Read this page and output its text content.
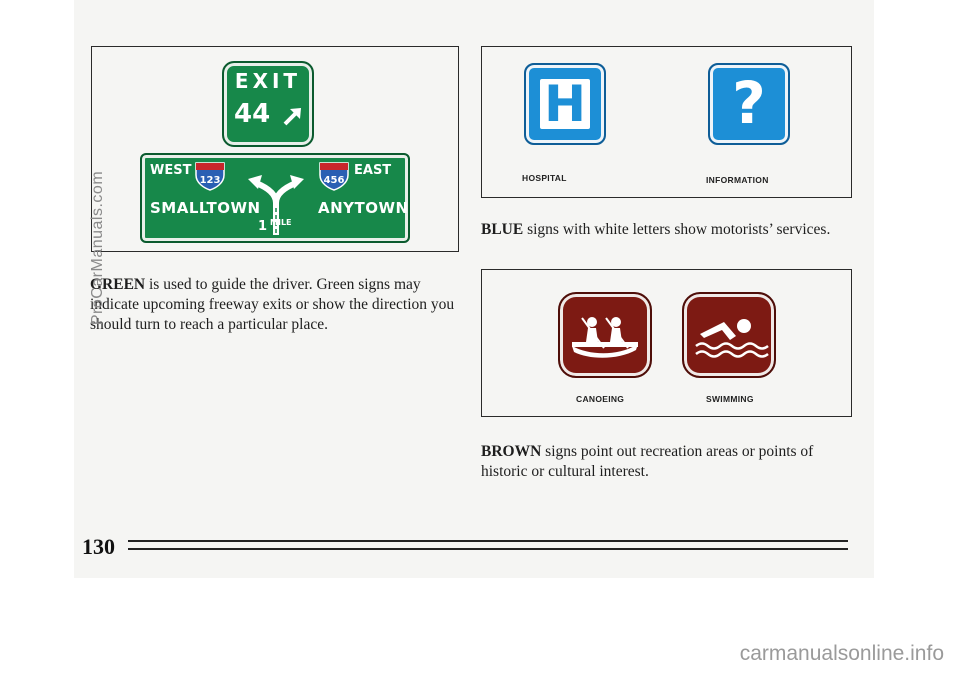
EXIT
44
WEST
123	456
EAST
SMALLTOWN	ANYTOWN
1 MILE
H	?
HOSPITAL	INFORMATION
BLUE signs with white letters show motorists’ services.
CANOEING	SWIMMING
GREEN is used to guide the driver. Green signs may indicate upcoming freeway exits or show the direction you should turn to reach a particular place.
BROWN signs point out recreation areas or points of historic or cultural interest.
130
ProCarManuals.com
carmanualsonline.info
